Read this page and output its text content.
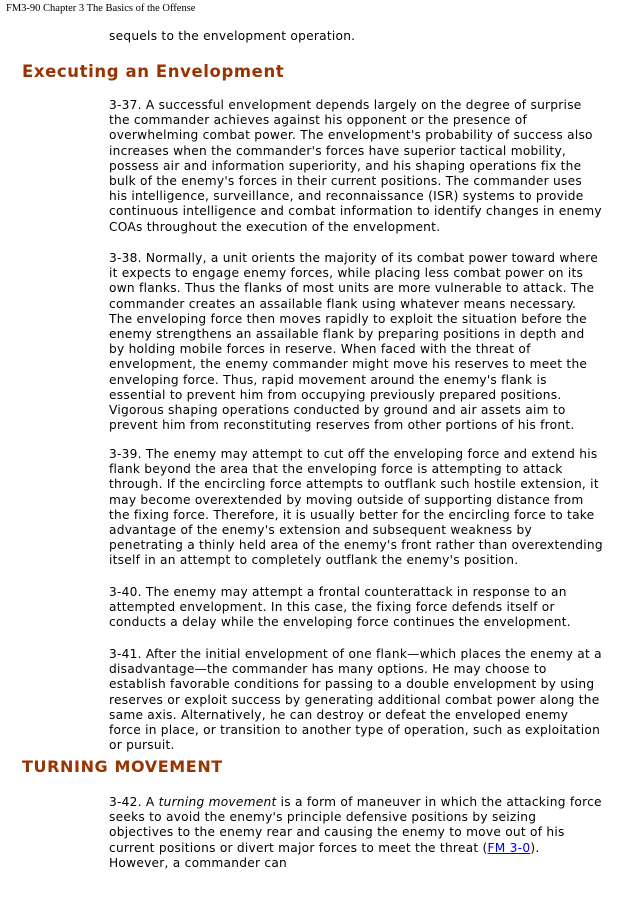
FM3-90 Chapter 3 The Basics of the Offense

sequels to the envelopment operation.

Executing an Envelopment

3-37. A successful envelopment depends largely on the degree of surprise the commander achieves against his opponent or the presence of overwhelming combat power. The envelopment's probability of success also increases when the commander's forces have superior tactical mobility, possess air and information superiority, and his shaping operations fix the bulk of the enemy's forces in their current positions. The commander uses his intelligence, surveillance, and reconnaissance (ISR) systems to provide continuous intelligence and combat information to identify changes in enemy COAs throughout the execution of the envelopment.

3-38. Normally, a unit orients the majority of its combat power toward where it expects to engage enemy forces, while placing less combat power on its own flanks. Thus the flanks of most units are more vulnerable to attack. The commander creates an assailable flank using whatever means necessary. The enveloping force then moves rapidly to exploit the situation before the enemy strengthens an assailable flank by preparing positions in depth and by holding mobile forces in reserve. When faced with the threat of envelopment, the enemy commander might move his reserves to meet the enveloping force. Thus, rapid movement around the enemy's flank is essential to prevent him from occupying previously prepared positions. Vigorous shaping operations conducted by ground and air assets aim to prevent him from reconstituting reserves from other portions of his front.

3-39. The enemy may attempt to cut off the enveloping force and extend his flank beyond the area that the enveloping force is attempting to attack through. If the encircling force attempts to outflank such hostile extension, it may become overextended by moving outside of supporting distance from the fixing force. Therefore, it is usually better for the encircling force to take advantage of the enemy's extension and subsequent weakness by penetrating a thinly held area of the enemy's front rather than overextending itself in an attempt to completely outflank the enemy's position.

3-40. The enemy may attempt a frontal counterattack in response to an attempted envelopment. In this case, the fixing force defends itself or conducts a delay while the enveloping force continues the envelopment.

3-41. After the initial envelopment of one flank—which places the enemy at a disadvantage—the commander has many options. He may choose to establish favorable conditions for passing to a double envelopment by using reserves or exploit success by generating additional combat power along the same axis. Alternatively, he can destroy or defeat the enveloped enemy force in place, or transition to another type of operation, such as exploitation or pursuit.

TURNING MOVEMENT

3-42. A turning movement is a form of maneuver in which the attacking force seeks to avoid the enemy's principle defensive positions by seizing objectives to the enemy rear and causing the enemy to move out of his current positions or divert major forces to meet the threat (FM 3-0). However, a commander can
